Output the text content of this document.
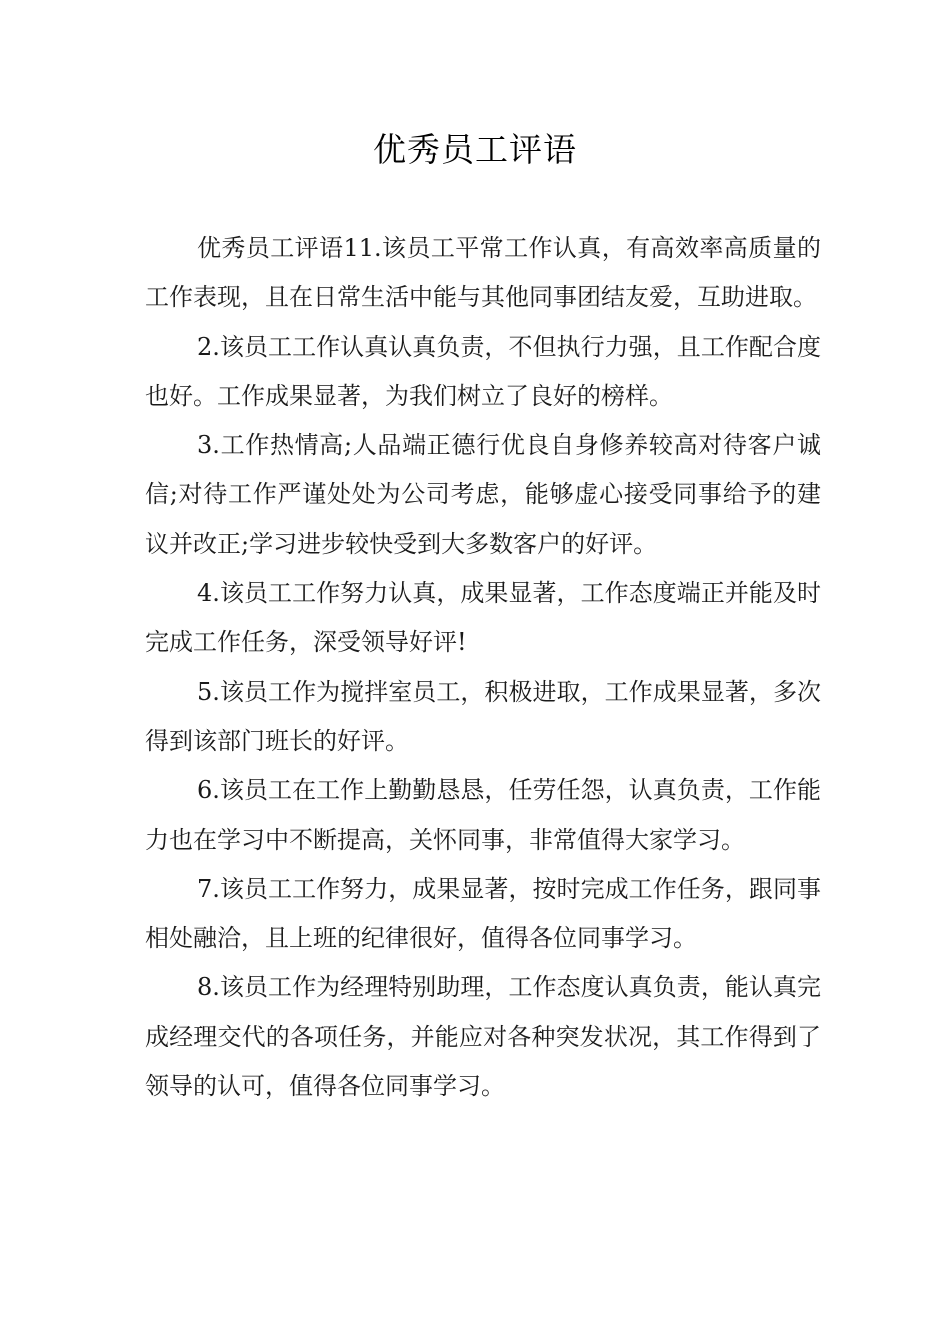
优秀员工评语

优秀员工评语11.该员工平常工作认真，有高效率高质量的工作表现，且在日常生活中能与其他同事团结友爱，互助进取。

2.该员工工作认真认真负责，不但执行力强，且工作配合度也好。工作成果显著，为我们树立了良好的榜样。

3.工作热情高;人品端正德行优良自身修养较高对待客户诚信;对待工作严谨处处为公司考虑，能够虚心接受同事给予的建议并改正;学习进步较快受到大多数客户的好评。

4.该员工工作努力认真，成果显著，工作态度端正并能及时完成工作任务，深受领导好评!

5.该员工作为搅拌室员工，积极进取，工作成果显著，多次得到该部门班长的好评。

6.该员工在工作上勤勤恳恳，任劳任怨，认真负责，工作能力也在学习中不断提高，关怀同事，非常值得大家学习。

7.该员工工作努力，成果显著，按时完成工作任务，跟同事相处融洽，且上班的纪律很好，值得各位同事学习。

8.该员工作为经理特别助理，工作态度认真负责，能认真完成经理交代的各项任务，并能应对各种突发状况，其工作得到了领导的认可，值得各位同事学习。
